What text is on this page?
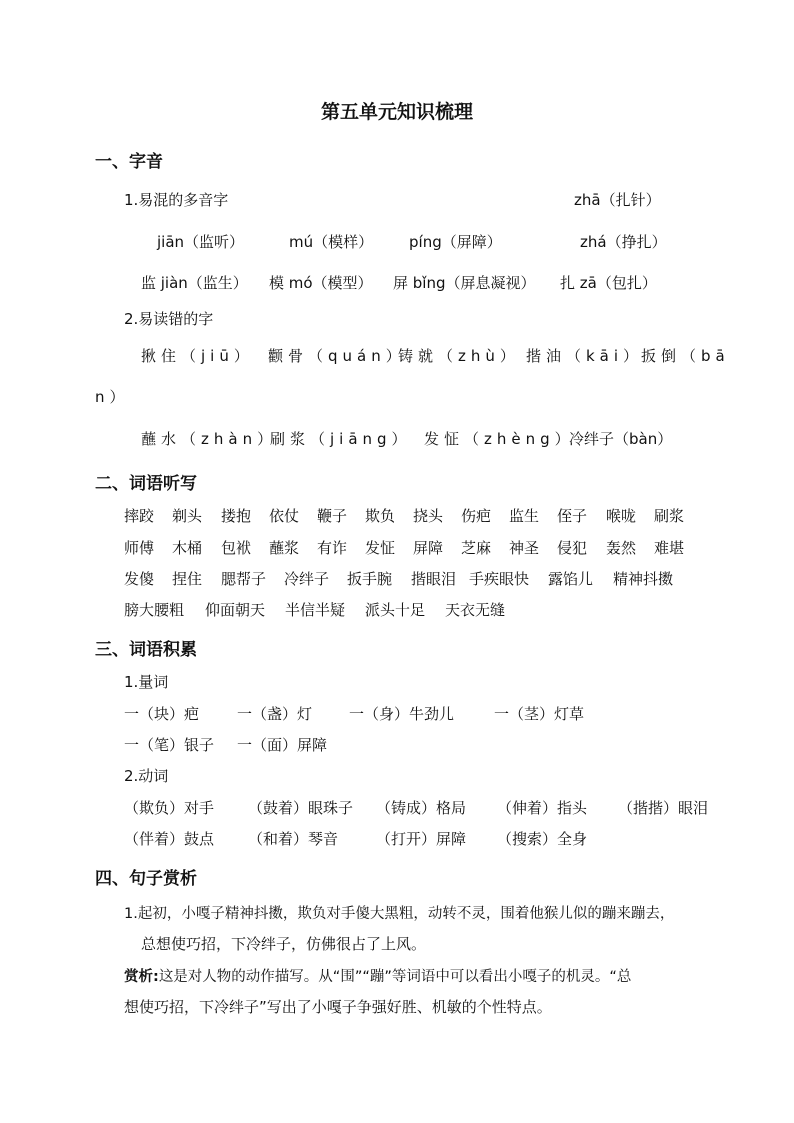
第五单元知识梳理
一、字音
1.易混的多音字	zhā（扎针）
jiān（监听）	mú（模样） píng（屏障）	zhá（挣扎）
监 jiàn（监生） 模 mó（模型） 屏 bǐng（屏息凝视） 扎 zā（包扎）
2.易读错的字
揪住（jiū） 颧骨（quán）
铸就（zhù） 揩油（kāi）
扳倒（bā
n）
蘸水（zhàn）
刷浆（jiāng） 发怔（zhèng）
冷绊子（bàn）
二、词语听写
摔跤 剃头 搂抱 依仗 鞭子 欺负 挠头 伤疤 监生 侄子 喉咙 刷浆
师傅 木桶 包袱 蘸浆 有诈 发怔 屏障 芝麻 神圣 侵犯 轰然 难堪
发傻 捏住 腮帮子 冷绊子 扳手腕 揩眼泪 手疾眼快 露馅儿 精神抖擞
膀大腰粗 仰面朝天 半信半疑 派头十足 天衣无缝
三、词语积累
1.量词
一（块）疤	一（盏）灯 一（身）牛劲儿	一（茎）灯草
一（笔）银子 一（面）屏障
2.动词
（欺负）对手 （鼓着）眼珠子 （铸成）格局 （伸着）指头 （揩揩）眼泪
（伴着）鼓点 （和着）琴音	（打开）屏障 （搜索）全身
四、句子赏析
1.起初，小嘎子精神抖擞，欺负对手傻大黑粗，动转不灵，围着他猴儿似的蹦来蹦去，
总想使巧招，下冷绊子，仿佛很占了上风。
赏析:这是对人物的动作描写。从“围”“蹦”等词语中可以看出小嘎子的机灵。“总
想使巧招，下冷绊子”写出了小嘎子争强好胜、机敏的个性特点。
